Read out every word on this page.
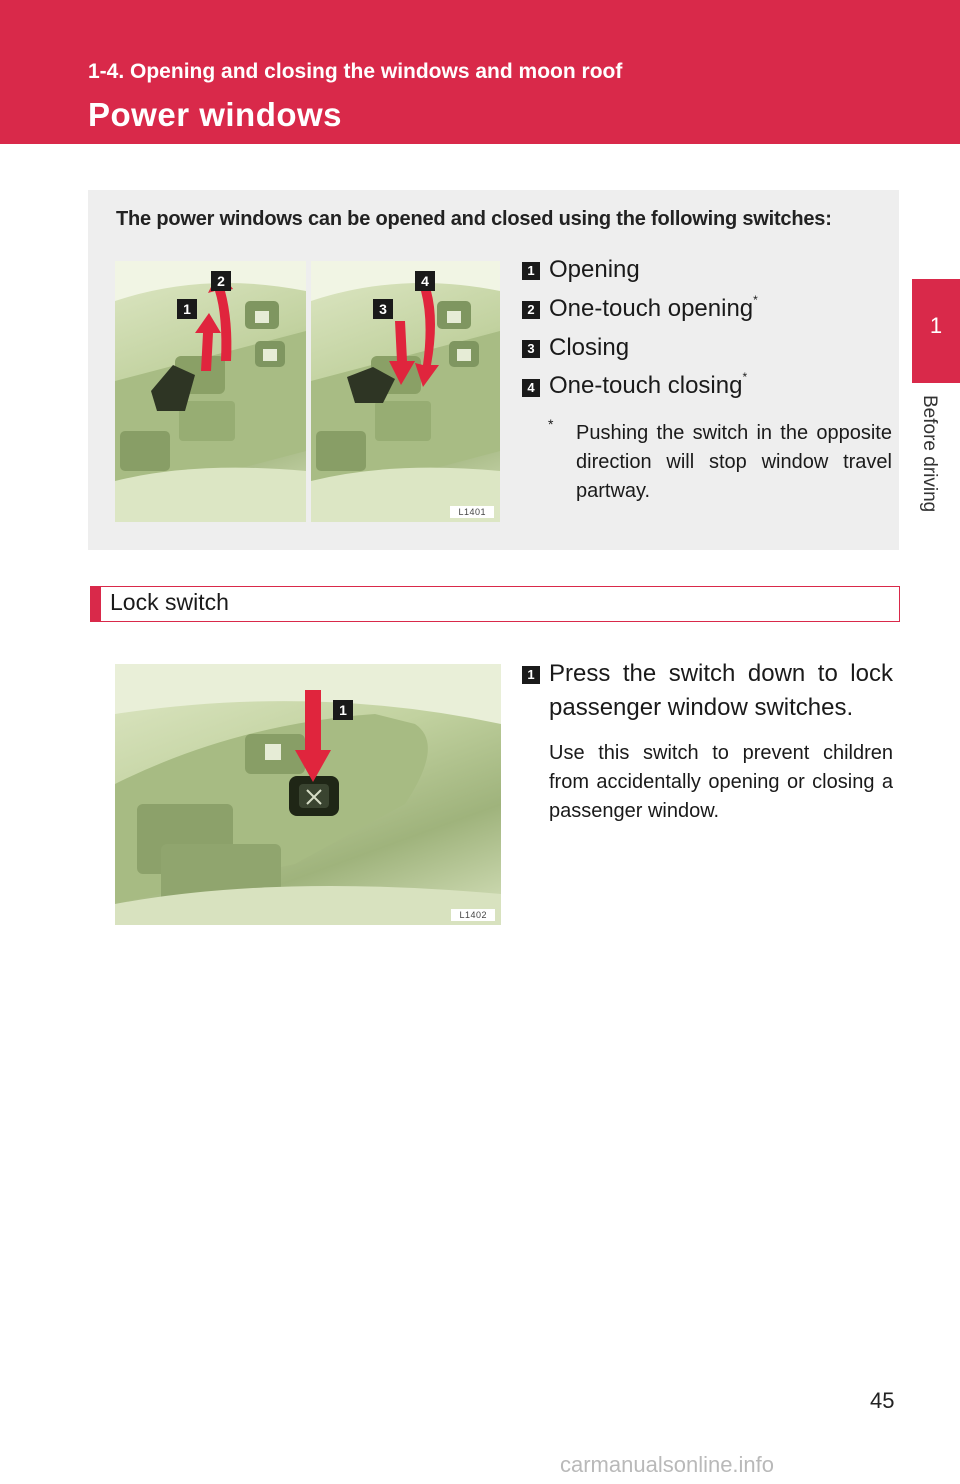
1-4. Opening and closing the windows and moon roof
Power windows
1
Before driving
The power windows can be opened and closed using the following switches:
1
2
3
4
L1401
1 Opening
2 One-touch opening*
3 Closing
4 One-touch closing*
* Pushing the switch in the opposite direction will stop window travel partway.
Lock switch
1
L1402
1 Press the switch down to lock passenger window switches.
Use this switch to prevent children from accidentally opening or closing a passenger window.
45
carmanualsonline.info
